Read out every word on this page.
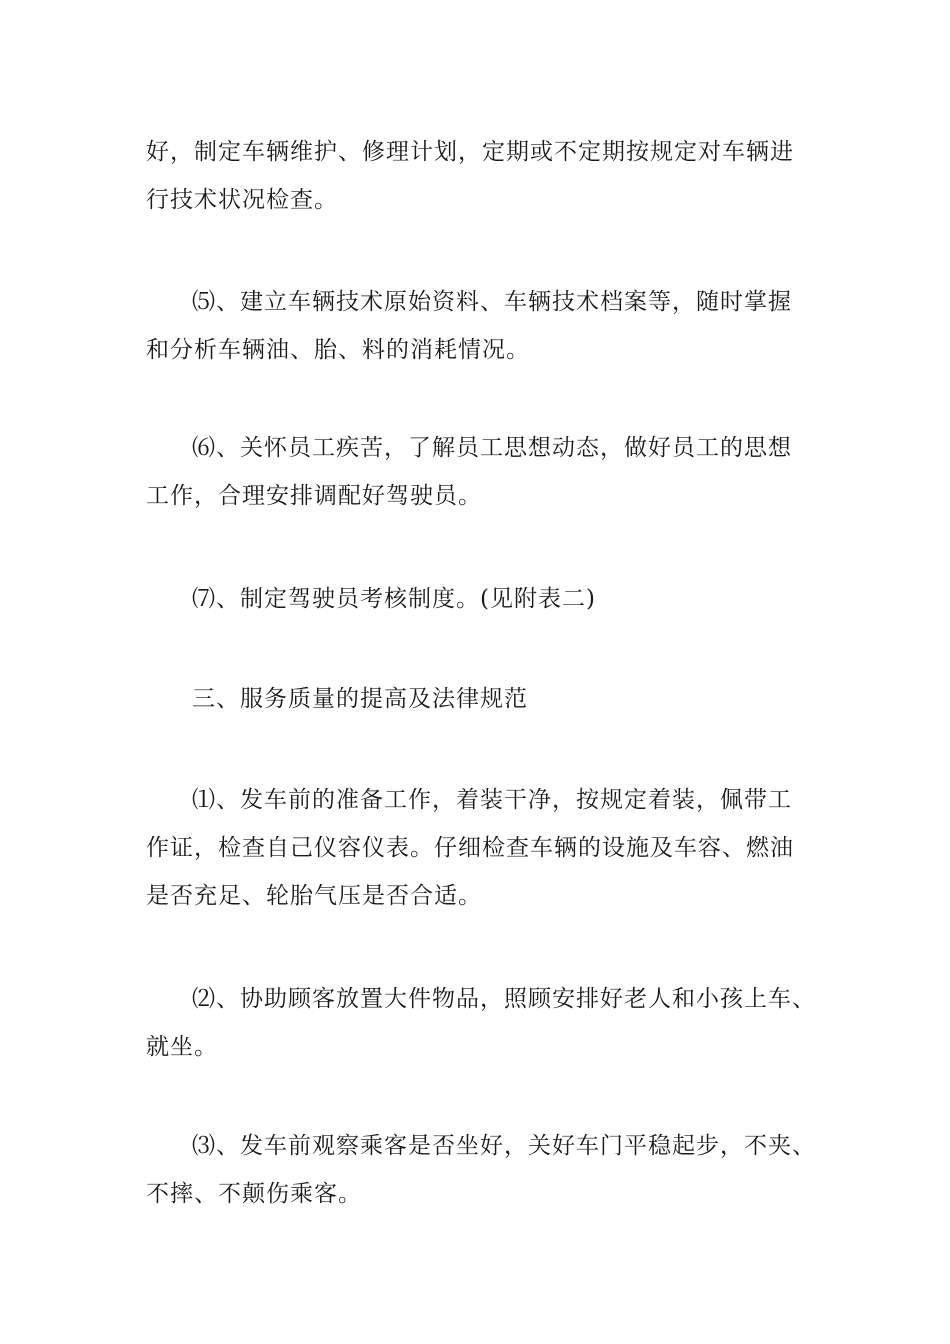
好，制定车辆维护、修理计划，定期或不定期按规定对车辆进
行技术状况检查。

⑸、建立车辆技术原始资料、车辆技术档案等，随时掌握
和分析车辆油、胎、料的消耗情况。

⑹、关怀员工疾苦，了解员工思想动态，做好员工的思想
工作，合理安排调配好驾驶员。

⑺、制定驾驶员考核制度。(见附表二)

三、服务质量的提高及法律规范

⑴、发车前的准备工作，着装干净，按规定着装，佩带工
作证，检查自己仪容仪表。仔细检查车辆的设施及车容、燃油
是否充足、轮胎气压是否合适。

⑵、协助顾客放置大件物品，照顾安排好老人和小孩上车、
就坐。

⑶、发车前观察乘客是否坐好，关好车门平稳起步，不夹、
不摔、不颠伤乘客。
